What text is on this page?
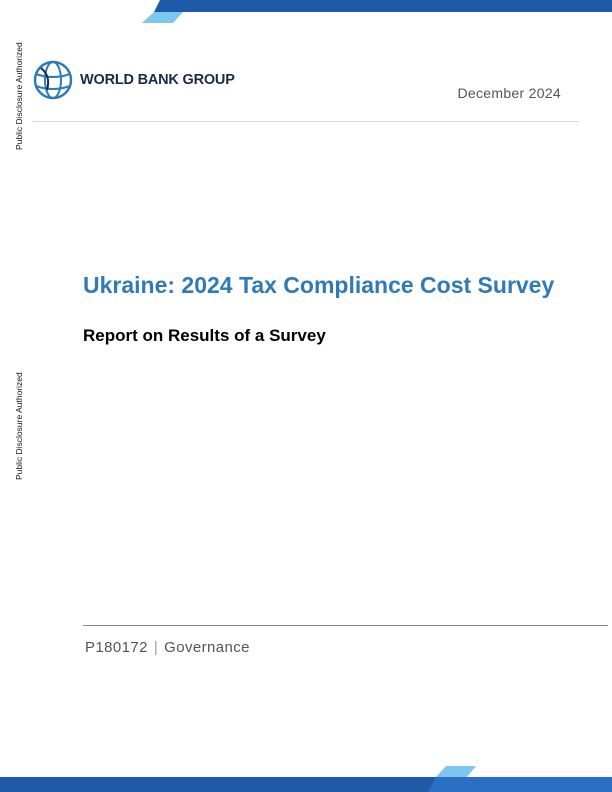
Public Disclosure Authorized
Public Disclosure Authorized
WORLD BANK GROUP
December 2024
Ukraine: 2024 Tax Compliance Cost Survey
Report on Results of a Survey
P180172 | Governance
